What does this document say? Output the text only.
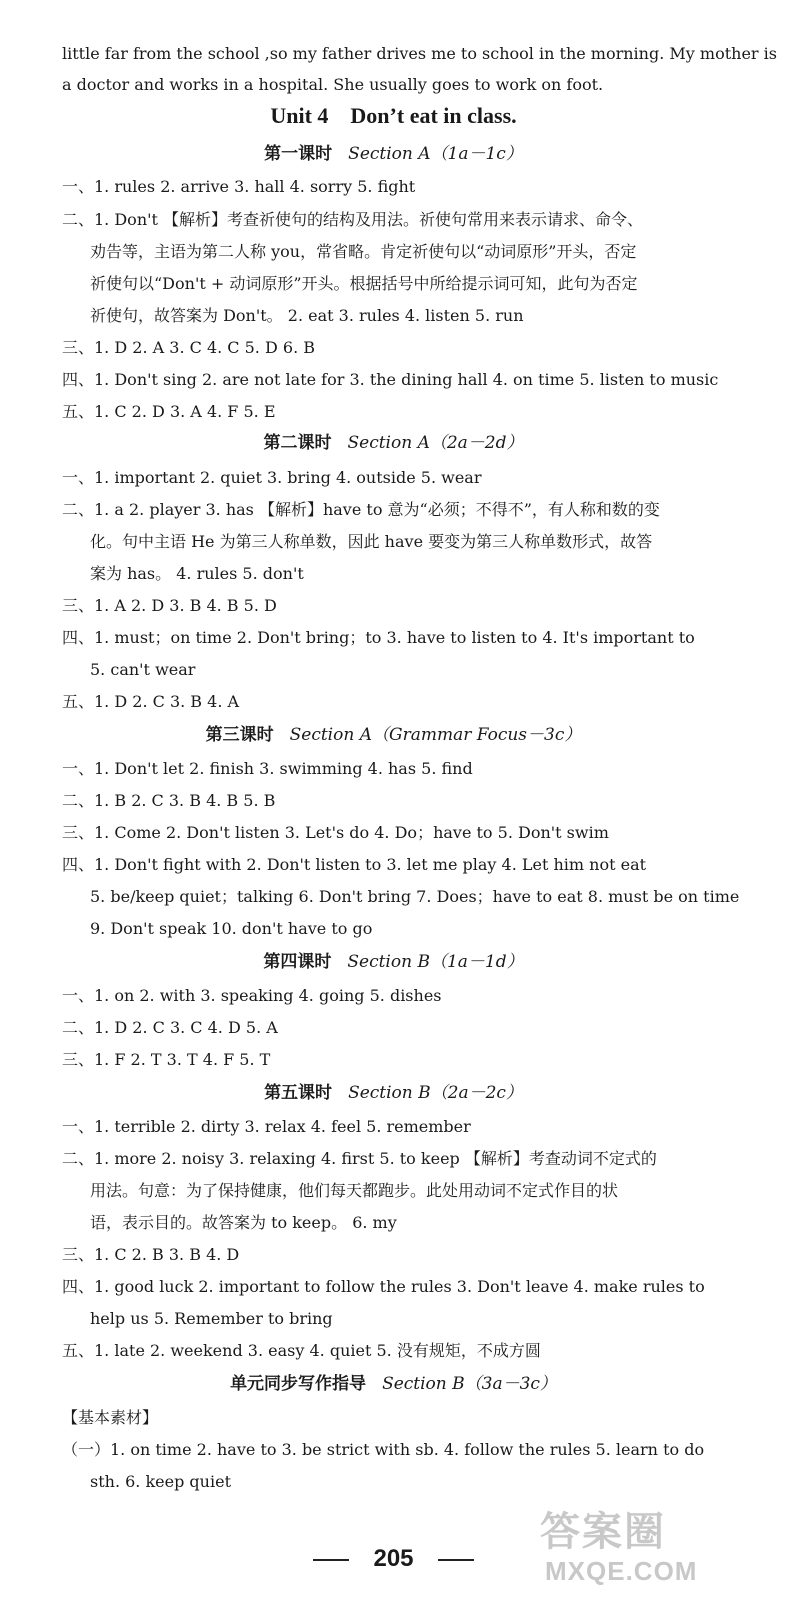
little far from the school ,so my father drives me to school in the morning. My mother is
a doctor and works in a hospital. She usually goes to work on foot.
Unit 4 Don’t eat in class.
第一课时 Section A（1a－1c）
一、1. rules 2. arrive 3. hall 4. sorry 5. fight
二、1. Don't 【解析】考查祈使句的结构及用法。祈使句常用来表示请求、命令、
劝告等，主语为第二人称 you，常省略。肯定祈使句以“动词原形”开头，否定
祈使句以“Don't + 动词原形”开头。根据括号中所给提示词可知，此句为否定
祈使句，故答案为 Don't。 2. eat 3. rules 4. listen 5. run
三、1. D 2. A 3. C 4. C 5. D 6. B
四、1. Don't sing 2. are not late for 3. the dining hall 4. on time 5. listen to music
五、1. C 2. D 3. A 4. F 5. E
第二课时 Section A（2a－2d）
一、1. important 2. quiet 3. bring 4. outside 5. wear
二、1. a 2. player 3. has 【解析】have to 意为“必须；不得不”，有人称和数的变
化。句中主语 He 为第三人称单数，因此 have 要变为第三人称单数形式，故答
案为 has。 4. rules 5. don't
三、1. A 2. D 3. B 4. B 5. D
四、1. must；on time 2. Don't bring；to 3. have to listen to 4. It's important to
5. can't wear
五、1. D 2. C 3. B 4. A
第三课时 Section A（Grammar Focus－3c）
一、1. Don't let 2. finish 3. swimming 4. has 5. find
二、1. B 2. C 3. B 4. B 5. B
三、1. Come 2. Don't listen 3. Let's do 4. Do；have to 5. Don't swim
四、1. Don't fight with 2. Don't listen to 3. let me play 4. Let him not eat
5. be/keep quiet；talking 6. Don't bring 7. Does；have to eat 8. must be on time
9. Don't speak 10. don't have to go
第四课时 Section B（1a－1d）
一、1. on 2. with 3. speaking 4. going 5. dishes
二、1. D 2. C 3. C 4. D 5. A
三、1. F 2. T 3. T 4. F 5. T
第五课时 Section B（2a－2c）
一、1. terrible 2. dirty 3. relax 4. feel 5. remember
二、1. more 2. noisy 3. relaxing 4. first 5. to keep 【解析】考查动词不定式的
用法。句意：为了保持健康，他们每天都跑步。此处用动词不定式作目的状
语，表示目的。故答案为 to keep。 6. my
三、1. C 2. B 3. B 4. D
四、1. good luck 2. important to follow the rules 3. Don't leave 4. make rules to
help us 5. Remember to bring
五、1. late 2. weekend 3. easy 4. quiet 5. 没有规矩，不成方圆
单元同步写作指导 Section B（3a－3c）
【基本素材】
（一）1. on time 2. have to 3. be strict with sb. 4. follow the rules 5. learn to do
sth. 6. keep quiet
205
答案圈
MXQE.COM
